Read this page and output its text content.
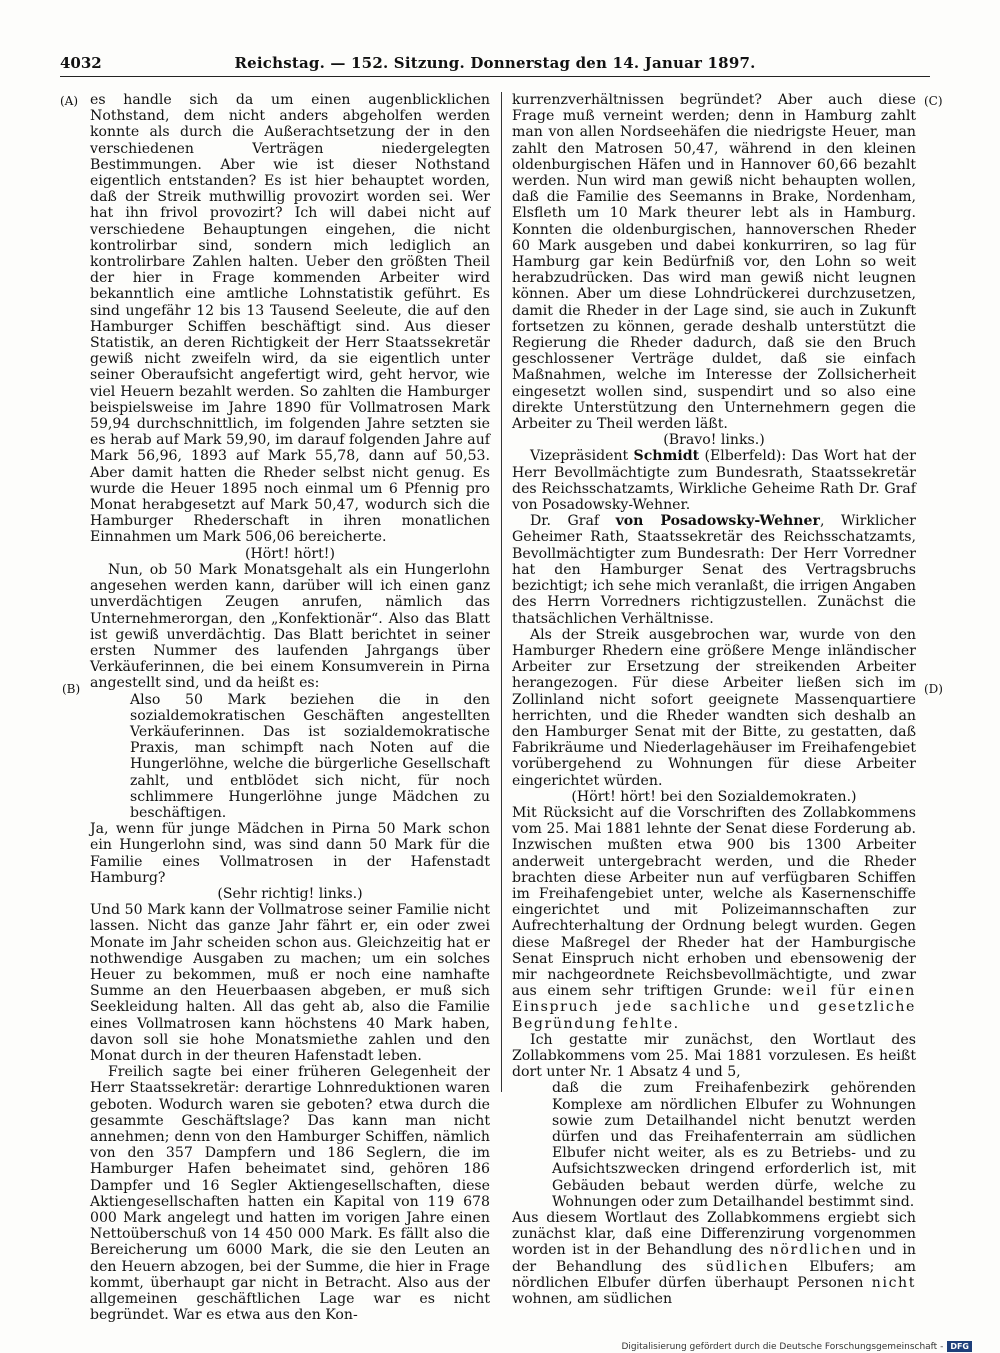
4032	Reichstag. — 152. Sitzung. Donnerstag den 14. Januar 1897.
(A)
(B)
(C)
(D)

es handle sich da um einen augenblicklichen Nothstand, dem nicht anders abgeholfen werden konnte als durch die Außerachtsetzung der in den verschiedenen Verträgen niedergelegten Bestimmungen. Aber wie ist dieser Nothstand eigentlich entstanden? Es ist hier behauptet worden, daß der Streik muthwillig provozirt worden sei. Wer hat ihn frivol provozirt? Ich will dabei nicht auf verschiedene Behauptungen eingehen, die nicht kontrolirbar sind, sondern mich lediglich an kontrolirbare Zahlen halten. Ueber den größten Theil der hier in Frage kommenden Arbeiter wird bekanntlich eine amtliche Lohnstatistik geführt. Es sind ungefähr 12 bis 13 Tausend Seeleute, die auf den Hamburger Schiffen beschäftigt sind. Aus dieser Statistik, an deren Richtigkeit der Herr Staatssekretär gewiß nicht zweifeln wird, da sie eigentlich unter seiner Oberaufsicht angefertigt wird, geht hervor, wie viel Heuern bezahlt werden. So zahlten die Hamburger beispielsweise im Jahre 1890 für Vollmatrosen Mark 59,94 durchschnittlich, im folgenden Jahre setzten sie es herab auf Mark 59,90, im darauf folgenden Jahre auf Mark 56,96, 1893 auf Mark 55,78, dann auf 50,53. Aber damit hatten die Rheder selbst nicht genug. Es wurde die Heuer 1895 noch einmal um 6 Pfennig pro Monat herabgesetzt auf Mark 50,47, wodurch sich die Hamburger Rhederschaft in ihren monatlichen Einnahmen um Mark 506,06 bereicherte.

(Hört! hört!)

Nun, ob 50 Mark Monatsgehalt als ein Hungerlohn angesehen werden kann, darüber will ich einen ganz unverdächtigen Zeugen anrufen, nämlich das Unternehmerorgan, den „Konfektionär“. Also das Blatt ist gewiß unverdächtig. Das Blatt berichtet in seiner ersten Nummer des laufenden Jahrgangs über Verkäuferinnen, die bei einem Konsumverein in Pirna angestellt sind, und da heißt es:

Also 50 Mark beziehen die in den sozialdemokratischen Geschäften angestellten Verkäuferinnen. Das ist sozialdemokratische Praxis, man schimpft nach Noten auf die Hungerlöhne, welche die bürgerliche Gesellschaft zahlt, und entblödet sich nicht, für noch schlimmere Hungerlöhne junge Mädchen zu beschäftigen.

Ja, wenn für junge Mädchen in Pirna 50 Mark schon ein Hungerlohn sind, was sind dann 50 Mark für die Familie eines Vollmatrosen in der Hafenstadt Hamburg?

(Sehr richtig! links.)

Und 50 Mark kann der Vollmatrose seiner Familie nicht lassen. Nicht das ganze Jahr fährt er, ein oder zwei Monate im Jahr scheiden schon aus. Gleichzeitig hat er nothwendige Ausgaben zu machen; um ein solches Heuer zu bekommen, muß er noch eine namhafte Summe an den Heuerbaasen abgeben, er muß sich Seekleidung halten. All das geht ab, also die Familie eines Vollmatrosen kann höchstens 40 Mark haben, davon soll sie hohe Monatsmiethe zahlen und den Monat durch in der theuren Hafenstadt leben.

Freilich sagte bei einer früheren Gelegenheit der Herr Staatssekretär: derartige Lohnreduktionen waren geboten. Wodurch waren sie geboten? etwa durch die gesammte Geschäftslage? Das kann man nicht annehmen; denn von den Hamburger Schiffen, nämlich von den 357 Dampfern und 186 Seglern, die im Hamburger Hafen beheimatet sind, gehören 186 Dampfer und 16 Segler Aktiengesellschaften, diese Aktiengesellschaften hatten ein Kapital von 119 678 000 Mark angelegt und hatten im vorigen Jahre einen Nettoüberschuß von 14 450 000 Mark. Es fällt also die Bereicherung um 6000 Mark, die sie den Leuten an den Heuern abzogen, bei der Summe, die hier in Frage kommt, überhaupt gar nicht in Betracht. Also aus der allgemeinen geschäftlichen Lage war es nicht begründet. War es etwa aus den Kon-

kurrenzverhältnissen begründet? Aber auch diese Frage muß verneint werden; denn in Hamburg zahlt man von allen Nordseehäfen die niedrigste Heuer, man zahlt den Matrosen 50,47, während in den kleinen oldenburgischen Häfen und in Hannover 60,66 bezahlt werden. Nun wird man gewiß nicht behaupten wollen, daß die Familie des Seemanns in Brake, Nordenham, Elsfleth um 10 Mark theurer lebt als in Hamburg. Konnten die oldenburgischen, hannoverschen Rheder 60 Mark ausgeben und dabei konkurriren, so lag für Hamburg gar kein Bedürfniß vor, den Lohn so weit herabzudrücken. Das wird man gewiß nicht leugnen können. Aber um diese Lohndrückerei durchzusetzen, damit die Rheder in der Lage sind, sie auch in Zukunft fortsetzen zu können, gerade deshalb unterstützt die Regierung die Rheder dadurch, daß sie den Bruch geschlossener Verträge duldet, daß sie einfach Maßnahmen, welche im Interesse der Zollsicherheit eingesetzt wollen sind, suspendirt und so also eine direkte Unterstützung den Unternehmern gegen die Arbeiter zu Theil werden läßt.

(Bravo! links.)

Vizepräsident Schmidt (Elberfeld): Das Wort hat der Herr Bevollmächtigte zum Bundesrath, Staatssekretär des Reichsschatzamts, Wirkliche Geheime Rath Dr. Graf von Posadowsky-Wehner.

Dr. Graf von Posadowsky-Wehner, Wirklicher Geheimer Rath, Staatssekretär des Reichsschatzamts, Bevollmächtigter zum Bundesrath: Der Herr Vorredner hat den Hamburger Senat des Vertragsbruchs bezichtigt; ich sehe mich veranlaßt, die irrigen Angaben des Herrn Vorredners richtigzustellen. Zunächst die thatsächlichen Verhältnisse.

Als der Streik ausgebrochen war, wurde von den Hamburger Rhedern eine größere Menge inländischer Arbeiter zur Ersetzung der streikenden Arbeiter herangezogen. Für diese Arbeiter ließen sich im Zollinland nicht sofort geeignete Massenquartiere herrichten, und die Rheder wandten sich deshalb an den Hamburger Senat mit der Bitte, zu gestatten, daß Fabrikräume und Niederlagehäuser im Freihafengebiet vorübergehend zu Wohnungen für diese Arbeiter eingerichtet würden.

(Hört! hört! bei den Sozialdemokraten.)

Mit Rücksicht auf die Vorschriften des Zollabkommens vom 25. Mai 1881 lehnte der Senat diese Forderung ab. Inzwischen mußten etwa 900 bis 1300 Arbeiter anderweit untergebracht werden, und die Rheder brachten diese Arbeiter nun auf verfügbaren Schiffen im Freihafengebiet unter, welche als Kasernenschiffe eingerichtet und mit Polizeimannschaften zur Aufrechterhaltung der Ordnung belegt wurden. Gegen diese Maßregel der Rheder hat der Hamburgische Senat Einspruch nicht erhoben und ebensowenig der mir nachgeordnete Reichsbevollmächtigte, und zwar aus einem sehr triftigen Grunde: weil für einen Einspruch jede sachliche und gesetzliche Begründung fehlte.

Ich gestatte mir zunächst, den Wortlaut des Zollabkommens vom 25. Mai 1881 vorzulesen. Es heißt dort unter Nr. 1 Absatz 4 und 5,

daß die zum Freihafenbezirk gehörenden Komplexe am nördlichen Elbufer zu Wohnungen sowie zum Detailhandel nicht benutzt werden dürfen und das Freihafenterrain am südlichen Elbufer nicht weiter, als es zu Betriebs- und zu Aufsichtszwecken dringend erforderlich ist, mit Gebäuden bebaut werden dürfe, welche zu Wohnungen oder zum Detailhandel bestimmt sind.

Aus diesem Wortlaut des Zollabkommens ergiebt sich zunächst klar, daß eine Differenzirung vorgenommen worden ist in der Behandlung des nördlichen und in der Behandlung des südlichen Elbufers; am nördlichen Elbufer dürfen überhaupt Personen nicht wohnen, am südlichen

Digitalisierung gefördert durch die Deutsche Forschungsgemeinschaft - DFG
